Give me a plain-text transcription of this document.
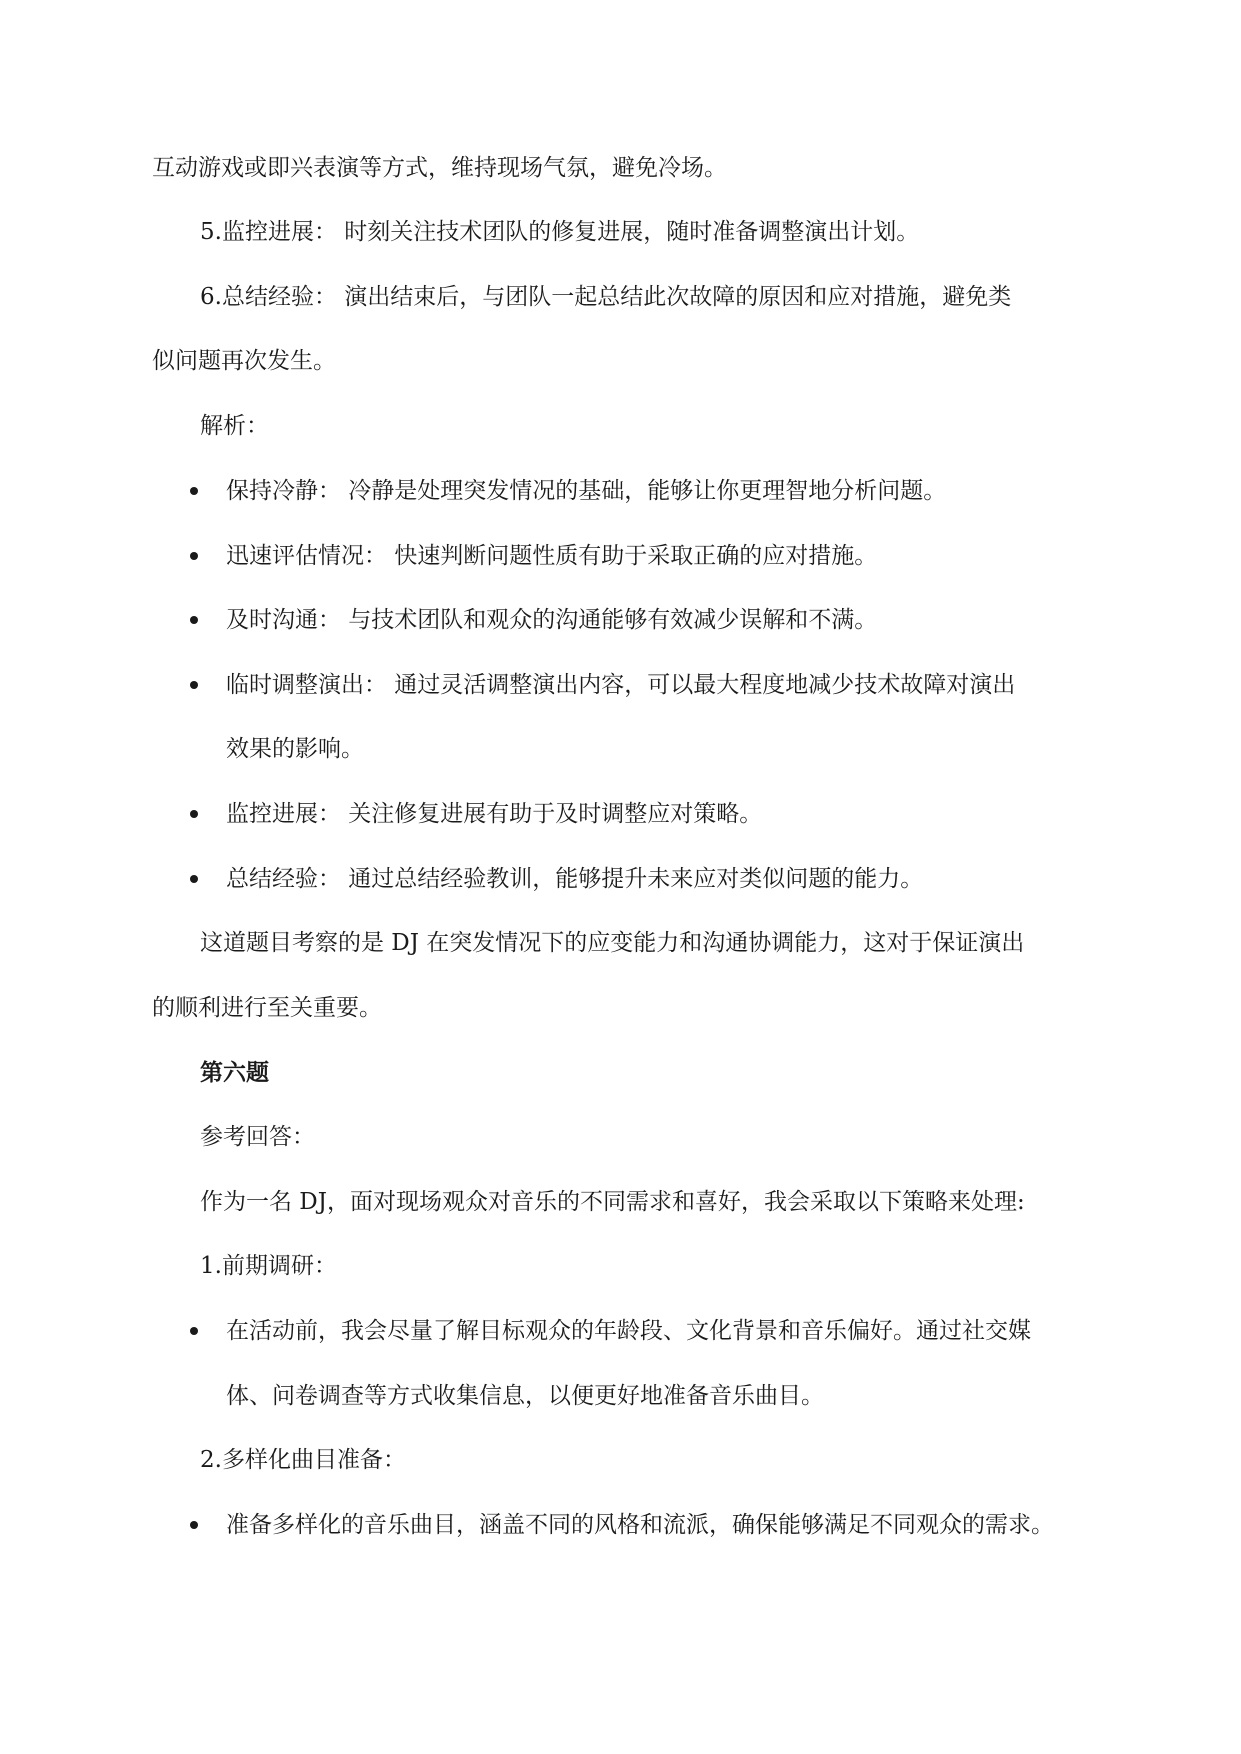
互动游戏或即兴表演等方式，维持现场气氛，避免冷场。
5.监控进展： 时刻关注技术团队的修复进展，随时准备调整演出计划。
6.总结经验： 演出结束后，与团队一起总结此次故障的原因和应对措施，避免类
似问题再次发生。
解析：
保持冷静： 冷静是处理突发情况的基础，能够让你更理智地分析问题。
迅速评估情况： 快速判断问题性质有助于采取正确的应对措施。
及时沟通： 与技术团队和观众的沟通能够有效减少误解和不满。
临时调整演出： 通过灵活调整演出内容，可以最大程度地减少技术故障对演出
效果的影响。
监控进展： 关注修复进展有助于及时调整应对策略。
总结经验： 通过总结经验教训，能够提升未来应对类似问题的能力。
这道题目考察的是 DJ 在突发情况下的应变能力和沟通协调能力，这对于保证演出
的顺利进行至关重要。
第六题
参考回答：
作为一名 DJ，面对现场观众对音乐的不同需求和喜好，我会采取以下策略来处理:
1.前期调研：
在活动前，我会尽量了解目标观众的年龄段、文化背景和音乐偏好。通过社交媒
体、问卷调查等方式收集信息，以便更好地准备音乐曲目。
2.多样化曲目准备：
准备多样化的音乐曲目，涵盖不同的风格和流派，确保能够满足不同观众的需求。
